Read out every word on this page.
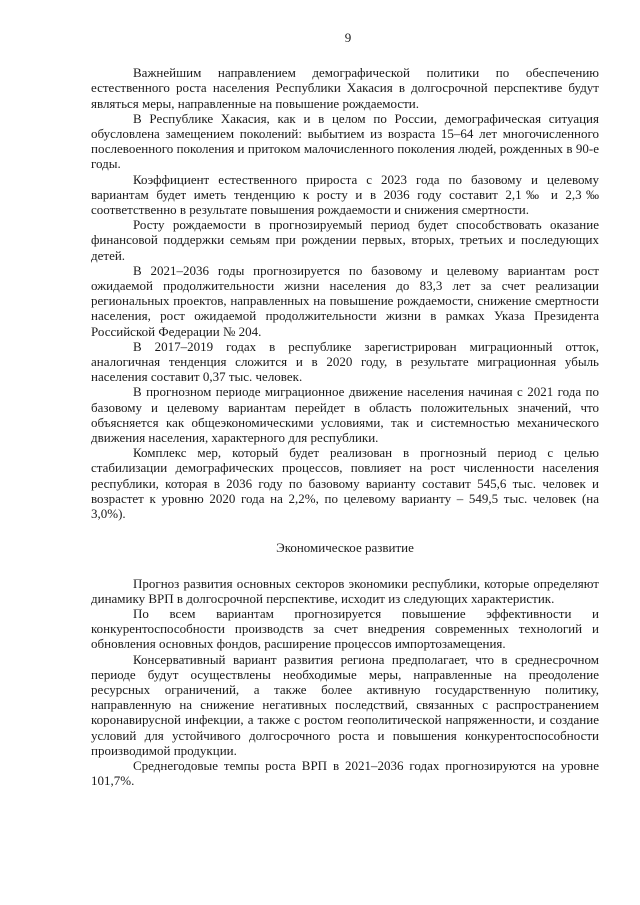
9

Важнейшим направлением демографической политики по обеспечению естественного роста населения Республики Хакасия в долгосрочной перспективе будут являться меры, направленные на повышение рождаемости.

В Республике Хакасия, как и в целом по России, демографическая ситуация обусловлена замещением поколений: выбытием из возраста 15–64 лет многочисленного послевоенного поколения и притоком малочисленного поколения людей, рожденных в 90-е годы.

Коэффициент естественного прироста с 2023 года по базовому и целевому вариантам будет иметь тенденцию к росту и в 2036 году составит 2,1‰ и 2,3‰ соответственно в результате повышения рождаемости и снижения смертности.

Росту рождаемости в прогнозируемый период будет способствовать оказание финансовой поддержки семьям при рождении первых, вторых, третьих и последующих детей.

В 2021–2036 годы прогнозируется по базовому и целевому вариантам рост ожидаемой продолжительности жизни населения до 83,3 лет за счет реализации региональных проектов, направленных на повышение рождаемости, снижение смертности населения, рост ожидаемой продолжительности жизни в рамках Указа Президента Российской Федерации № 204.

В 2017–2019 годах в республике зарегистрирован миграционный отток, аналогичная тенденция сложится и в 2020 году, в результате миграционная убыль населения составит 0,37 тыс. человек.

В прогнозном периоде миграционное движение населения начиная с 2021 года по базовому и целевому вариантам перейдет в область положительных значений, что объясняется как общеэкономическими условиями, так и системностью механического движения населения, характерного для республики.

Комплекс мер, который будет реализован в прогнозный период с целью стабилизации демографических процессов, повлияет на рост численности населения республики, которая в 2036 году по базовому варианту составит 545,6 тыс. человек и возрастет к уровню 2020 года на 2,2%, по целевому варианту – 549,5 тыс. человек (на 3,0%).

Экономическое развитие

Прогноз развития основных секторов экономики республики, которые определяют динамику ВРП в долгосрочной перспективе, исходит из следующих характеристик.

По всем вариантам прогнозируется повышение эффективности и конкурентоспособности производств за счет внедрения современных технологий и обновления основных фондов, расширение процессов импортозамещения.

Консервативный вариант развития региона предполагает, что в среднесрочном периоде будут осуществлены необходимые меры, направленные на преодоление ресурсных ограничений, а также более активную государственную политику, направленную на снижение негативных последствий, связанных с распространением коронавирусной инфекции, а также с ростом геополитической напряженности, и создание условий для устойчивого долгосрочного роста и повышения конкурентоспособности производимой продукции.

Среднегодовые темпы роста ВРП в 2021–2036 годах прогнозируются на уровне 101,7%.
